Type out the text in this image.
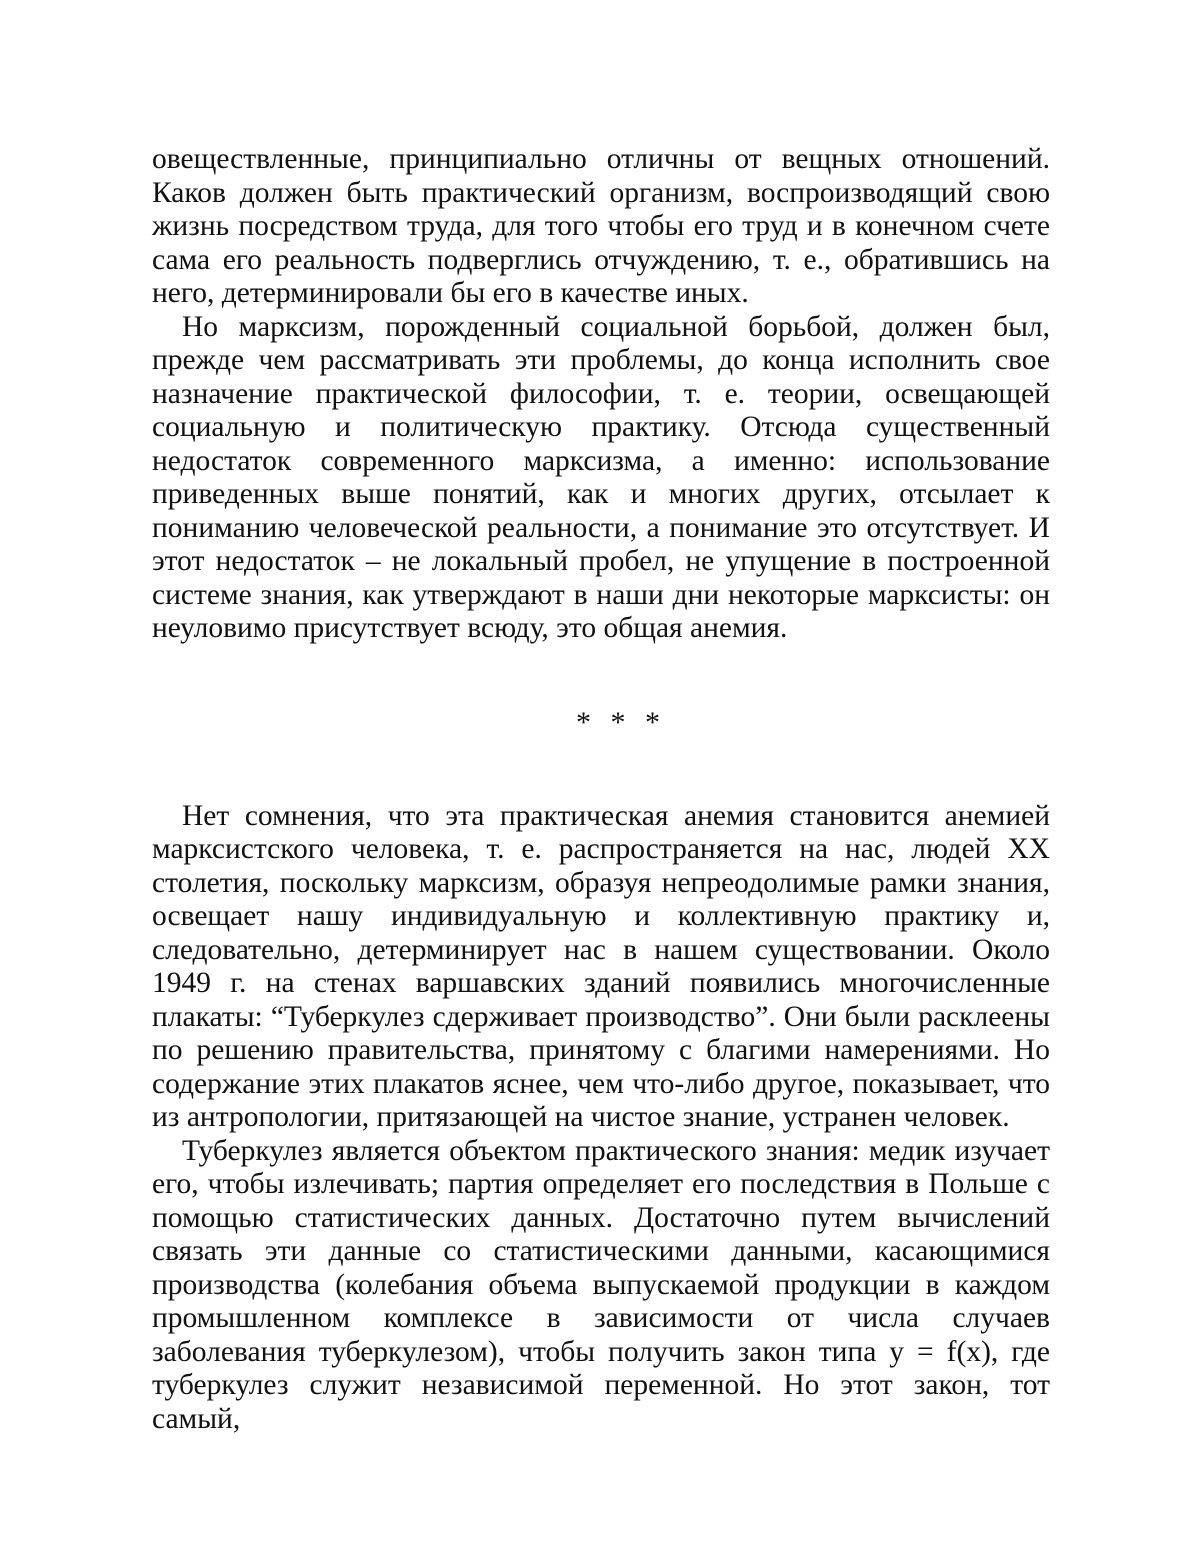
овеществленные, принципиально отличны от вещных отношений. Каков должен быть практический организм, воспроизводящий свою жизнь посредством труда, для того чтобы его труд и в конечном счете сама его реальность подверглись отчуждению, т. е., обратившись на него, детерминировали бы его в качестве иных.

Но марксизм, порожденный социальной борьбой, должен был, прежде чем рассматривать эти проблемы, до конца исполнить свое назначение практической философии, т. е. теории, освещающей социальную и политическую практику. Отсюда существенный недостаток современного марксизма, а именно: использование приведенных выше понятий, как и многих других, отсылает к пониманию человеческой реальности, а понимание это отсутствует. И этот недостаток – не локальный пробел, не упущение в построенной системе знания, как утверждают в наши дни некоторые марксисты: он неуловимо присутствует всюду, это общая анемия.

* * *

Нет сомнения, что эта практическая анемия становится анемией марксистского человека, т. е. распространяется на нас, людей XX столетия, поскольку марксизм, образуя непреодолимые рамки знания, освещает нашу индивидуальную и коллективную практику и, следовательно, детерминирует нас в нашем существовании. Около 1949 г. на стенах варшавских зданий появились многочисленные плакаты: “Туберкулез сдерживает производство”. Они были расклеены по решению правительства, принятому с благими намерениями. Но содержание этих плакатов яснее, чем что-либо другое, показывает, что из антропологии, притязающей на чистое знание, устранен человек.

Туберкулез является объектом практического знания: медик изучает его, чтобы излечивать; партия определяет его последствия в Польше с помощью статистических данных. Достаточно путем вычислений связать эти данные со статистическими данными, касающимися производства (колебания объема выпускаемой продукции в каждом промышленном комплексе в зависимости от числа случаев заболевания туберкулезом), чтобы получить закон типа y = f(x), где туберкулез служит независимой переменной. Но этот закон, тот самый,
